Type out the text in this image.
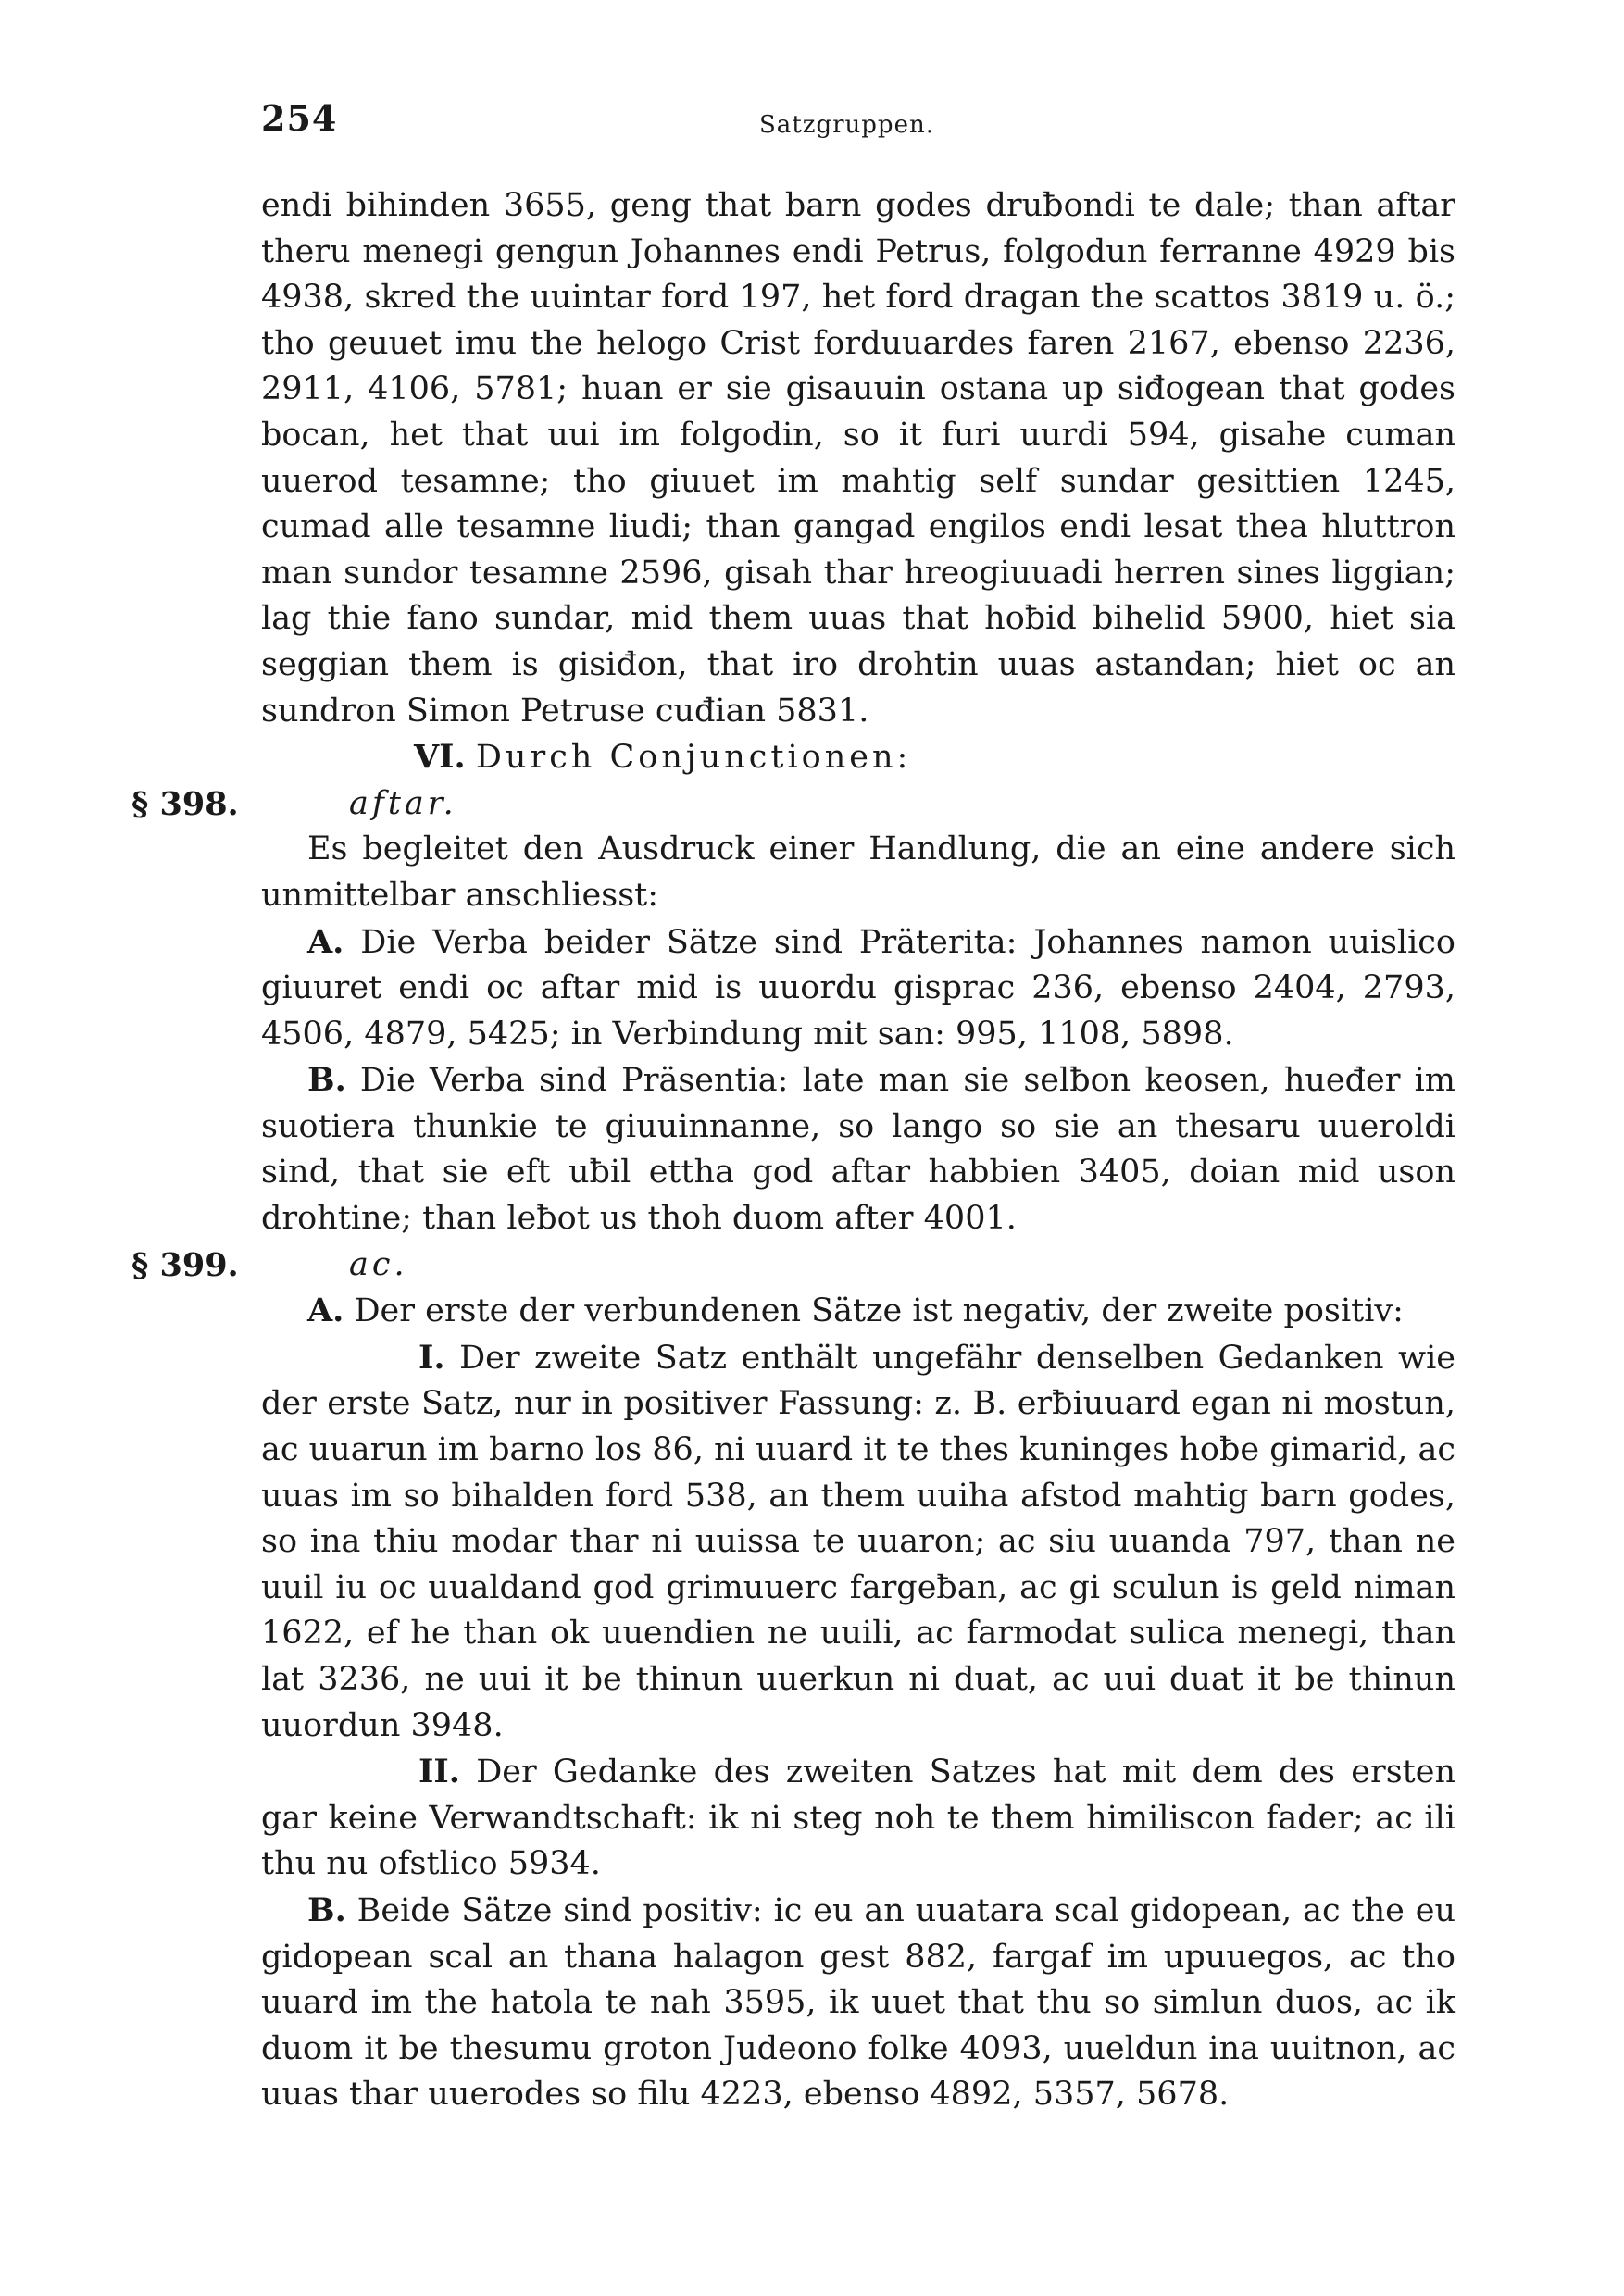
254	Satzgruppen.

endi bihinden 3655, geng that barn godes druƀondi te dale; than aftar theru menegi gengun Johannes endi Petrus, folgodun ferranne 4929 bis 4938, skred the uuintar ford 197, het ford dragan the scattos 3819 u. ö.; tho geuuet imu the helogo Crist forduuardes faren 2167, ebenso 2236, 2911, 4106, 5781; huan er sie gisauuin ostana up siđogean that godes bocan, het that uui im folgodin, so it furi uurdi 594, gisahe cuman uuerod tesamne; tho giuuet im mahtig self sundar gesittien 1245, cumad alle tesamne liudi; than gangad engilos endi lesat thea hluttron man sundor tesamne 2596, gisah thar hreogiuuadi herren sines liggian; lag thie fano sundar, mid them uuas that hoƀid bihelid 5900, hiet sia seggian them is gisiđon, that iro drohtin uuas astandan; hiet oc an sundron Simon Petruse cuđian 5831.

VI. Durch Conjunctionen:

§ 398.	aftar.

Es begleitet den Ausdruck einer Handlung, die an eine andere sich unmittelbar anschliesst:

A. Die Verba beider Sätze sind Präterita: Johannes namon uuislico giuuret endi oc aftar mid is uuordu gisprac 236, ebenso 2404, 2793, 4506, 4879, 5425; in Verbindung mit san: 995, 1108, 5898.

B. Die Verba sind Präsentia: late man sie selƀon keosen, hueđer im suotiera thunkie te giuuinnanne, so lango so sie an thesaru uueroldi sind, that sie eft uƀil ettha god aftar habbien 3405, doian mid uson drohtine; than leƀot us thoh duom after 4001.

§ 399.	ac.

A. Der erste der verbundenen Sätze ist negativ, der zweite positiv:

I. Der zweite Satz enthält ungefähr denselben Gedanken wie der erste Satz, nur in positiver Fassung: z. B. erƀiuuard egan ni mostun, ac uuarun im barno los 86, ni uuard it te thes kuninges hoƀe gimarid, ac uuas im so bihalden ford 538, an them uuiha afstod mahtig barn godes, so ina thiu modar thar ni uuissa te uuaron; ac siu uuanda 797, than ne uuil iu oc uualdand god grimuuerc fargeƀan, ac gi sculun is geld niman 1622, ef he than ok uuendien ne uuili, ac farmodat sulica menegi, than lat 3236, ne uui it be thinun uuerkun ni duat, ac uui duat it be thinun uuordun 3948.

II. Der Gedanke des zweiten Satzes hat mit dem des ersten gar keine Verwandtschaft: ik ni steg noh te them himiliscon fader; ac ili thu nu ofstlico 5934.

B. Beide Sätze sind positiv: ic eu an uuatara scal gidopean, ac the eu gidopean scal an thana halagon gest 882, fargaf im upuuegos, ac tho uuard im the hatola te nah 3595, ik uuet that thu so simlun duos, ac ik duom it be thesumu groton Judeono folke 4093, uueldun ina uuitnon, ac uuas thar uuerodes so filu 4223, ebenso 4892, 5357, 5678.
